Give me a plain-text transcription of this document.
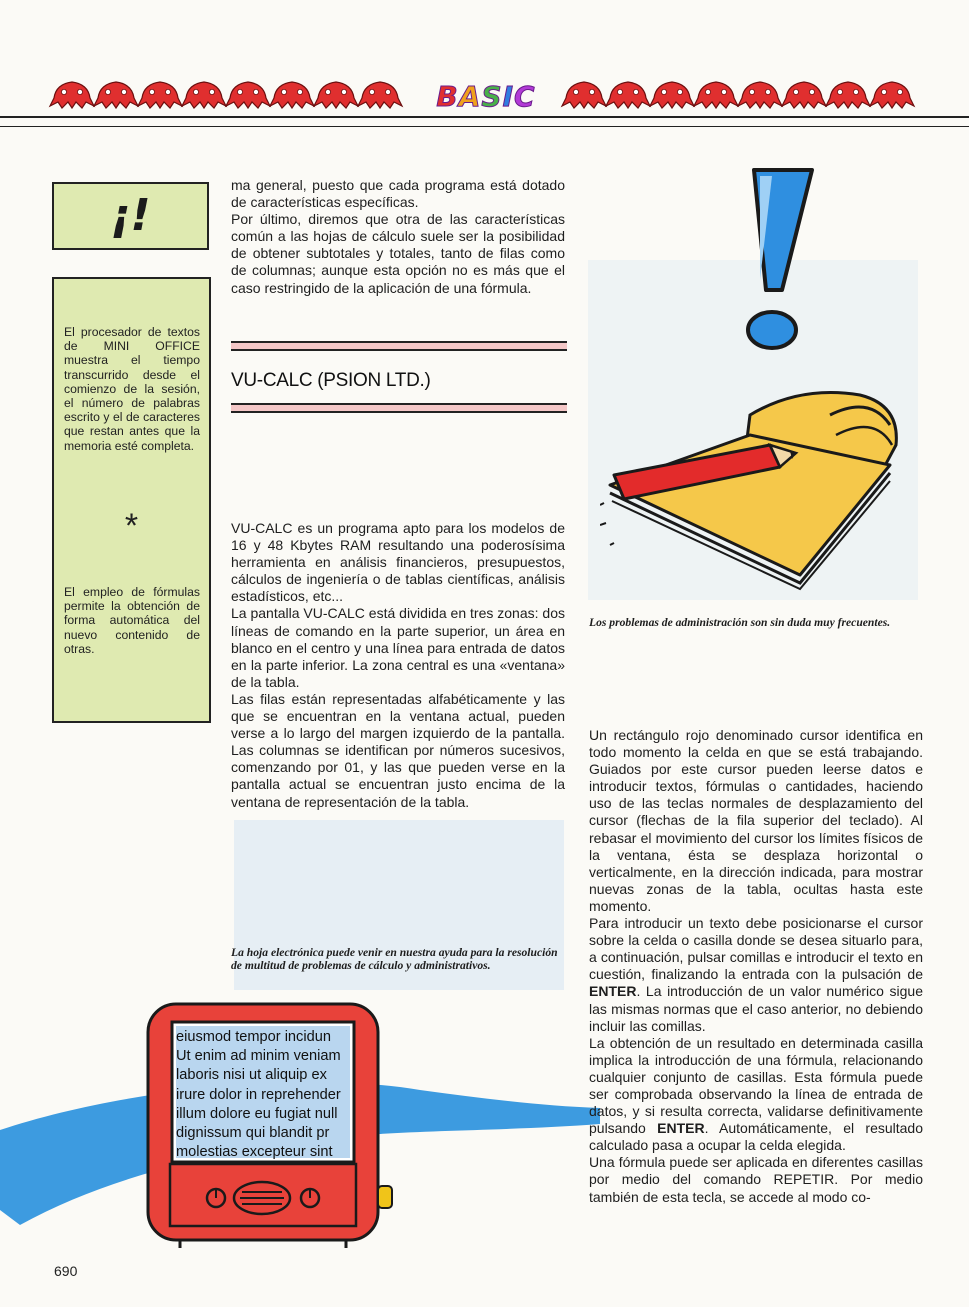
BASIC
¡!
El procesador de textos de MINI OFFICE muestra el tiempo transcurrido desde el comienzo de la sesión, el número de palabras escrito y el de caracteres que restan antes que la memoria esté completa.
*
El empleo de fórmulas permite la obtención de forma automática del nuevo contenido de otras.

ma general, puesto que cada programa está dotado de características específicas.

Por último, diremos que otra de las características común a las hojas de cálculo suele ser la posibilidad de obtener subtotales y totales, tanto de filas como de columnas; aunque esta opción no es más que el caso restringido de la aplicación de una fórmula.

VU-CALC (PSION LTD.)

VU-CALC es un programa apto para los modelos de 16 y 48 Kbytes RAM resultando una poderosísima herramienta en análisis financieros, presupuestos, cálculos de ingeniería o de tablas científicas, análisis estadísticos, etc...

La pantalla VU-CALC está dividida en tres zonas: dos líneas de comando en la parte superior, un área en blanco en el centro y una línea para entrada de datos en la parte inferior. La zona central es una «ventana» de la tabla.

Las filas están representadas alfabéticamente y las que se encuentran en la ventana actual, pueden verse a lo largo del margen izquierdo de la pantalla. Las columnas se identifican por números sucesivos, comenzando por 01, y las que pueden verse en la pantalla actual se encuentran justo encima de la ventana de representación de la tabla.

La hoja electrónica puede venir en nuestra ayuda para la resolución de multitud de problemas de cálculo y administrativos.
eiusmod tempor incidun
Ut enim ad minim veniam
laboris nisi ut aliquip ex
irure dolor in reprehender
illum dolore eu fugiat null
dignissum qui blandit pr
molestias excepteur sint
Los problemas de administración son sin duda muy frecuentes.

Un rectángulo rojo denominado cursor identifica en todo momento la celda en que se está trabajando. Guiados por este cursor pueden leerse datos e introducir textos, fórmulas o cantidades, haciendo uso de las teclas normales de desplazamiento del cursor (flechas de la fila superior del teclado). Al rebasar el movimiento del cursor los límites físicos de la ventana, ésta se desplaza horizontal o verticalmente, en la dirección indicada, para mostrar nuevas zonas de la tabla, ocultas hasta este momento.

Para introducir un texto debe posicionarse el cursor sobre la celda o casilla donde se desea situarlo para, a continuación, pulsar comillas e introducir el texto en cuestión, finalizando la entrada con la pulsación de ENTER. La introducción de un valor numérico sigue las mismas normas que el caso anterior, no debiendo incluir las comillas.

La obtención de un resultado en determinada casilla implica la introducción de una fórmula, relacionando cualquier conjunto de casillas. Esta fórmula puede ser comprobada observando la línea de entrada de datos, y si resulta correcta, validarse definitivamente pulsando ENTER. Automáticamente, el resultado calculado pasa a ocupar la celda elegida.

Una fórmula puede ser aplicada en diferentes casillas por medio del comando REPETIR. Por medio también de esta tecla, se accede al modo co-

690
